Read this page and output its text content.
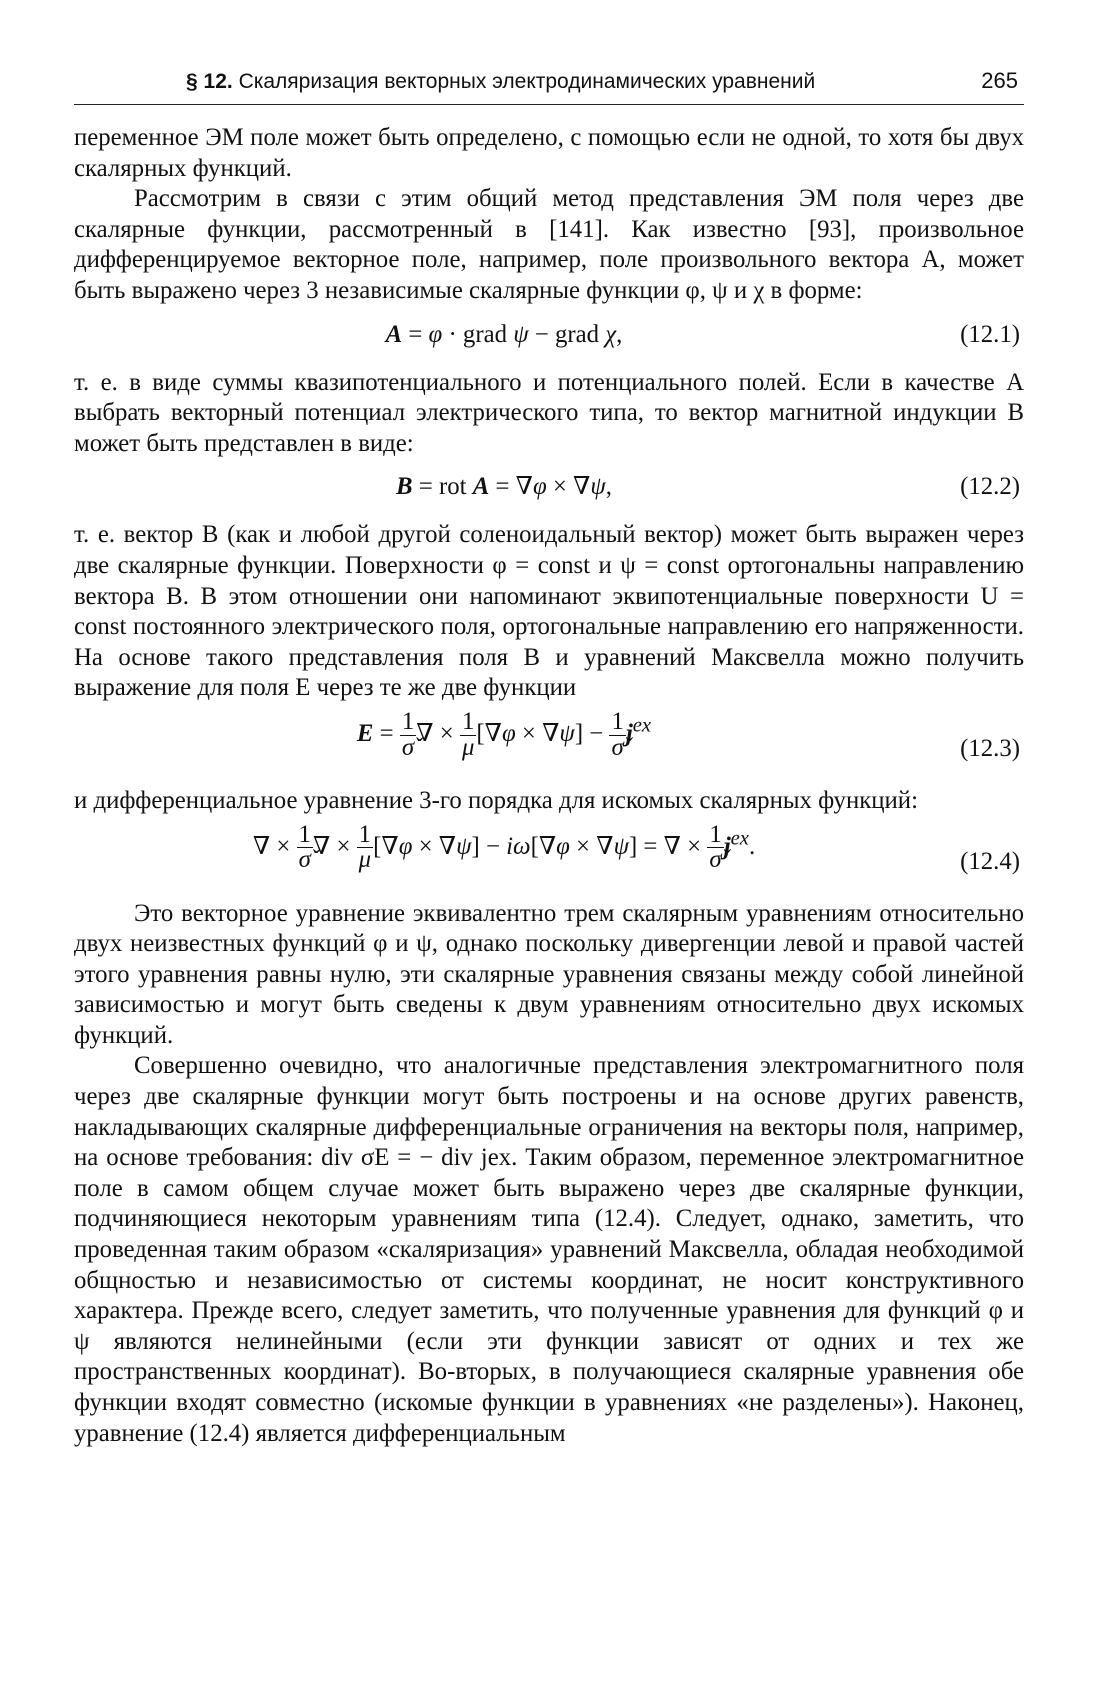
§ 12. Скаляризация векторных электродинамических уравнений	265

переменное ЭМ поле может быть определено, с помощью если не одной, то хотя бы двух скалярных функций.

Рассмотрим в связи с этим общий метод представления ЭМ поля через две скалярные функции, рассмотренный в [141]. Как известно [93], произвольное дифференцируемое векторное поле, например, поле произвольного вектора A, может быть выражено через 3 независимые скалярные функции φ, ψ и χ в форме:

A = φ · grad ψ − grad χ,	(12.1)

т. е. в виде суммы квазипотенциального и потенциального полей. Если в качестве A выбрать векторный потенциал электрического типа, то вектор магнитной индукции B может быть представлен в виде:

B = rot A = ∇φ × ∇ψ,	(12.2)

т. е. вектор B (как и любой другой соленоидальный вектор) может быть выражен через две скалярные функции. Поверхности φ = const и ψ = const ортогональны направлению вектора B. В этом отношении они напоминают эквипотенциальные поверхности U = const постоянного электрического поля, ортогональные направлению его напряженности. На основе такого представления поля B и уравнений Максвелла можно получить выражение для поля E через те же две функции

$E = \frac{1}{\sigmǎ}$ ∇ × $\frac{1}{\mu} [\nabla\varphi \times \nabla\psi] - \frac{1}{\sigmǎ} j^{ex}$
(12.3)

и дифференциальное уравнение 3-го порядка для искомых скалярных функций:

∇ × $\frac{1}{\sigmǎ}$ ∇ × $\frac{1}{\mu} [\nabla\varphi \times \nabla\psi] - i\omega[\nabla\varphi \times \nabla\psi]$ = ∇ × $\frac{1}{\sigmǎ} j^{ex}$.
(12.4)

Это векторное уравнение эквивалентно трем скалярным уравнениям относительно двух неизвестных функций φ и ψ, однако поскольку дивергенции левой и правой частей этого уравнения равны нулю, эти скалярные уравнения связаны между собой линейной зависимостью и могут быть сведены к двум уравнениям относительно двух искомых функций.

Совершенно очевидно, что аналогичные представления электромагнитного поля через две скалярные функции могут быть построены и на основе других равенств, накладывающих скалярные дифференциальные ограничения на векторы поля, например, на основе требования: div σE = − div jex. Таким образом, переменное электромагнитное поле в самом общем случае может быть выражено через две скалярные функции, подчиняющиеся некоторым уравнениям типа (12.4). Следует, однако, заметить, что проведенная таким образом «скаляризация» уравнений Максвелла, обладая необходимой общностью и независимостью от системы координат, не носит конструктивного характера. Прежде всего, следует заметить, что полученные уравнения для функций φ и ψ являются нелинейными (если эти функции зависят от одних и тех же пространственных координат). Во-вторых, в получающиеся скалярные уравнения обе функции входят совместно (искомые функции в уравнениях «не разделены»). Наконец, уравнение (12.4) является дифференциальным
